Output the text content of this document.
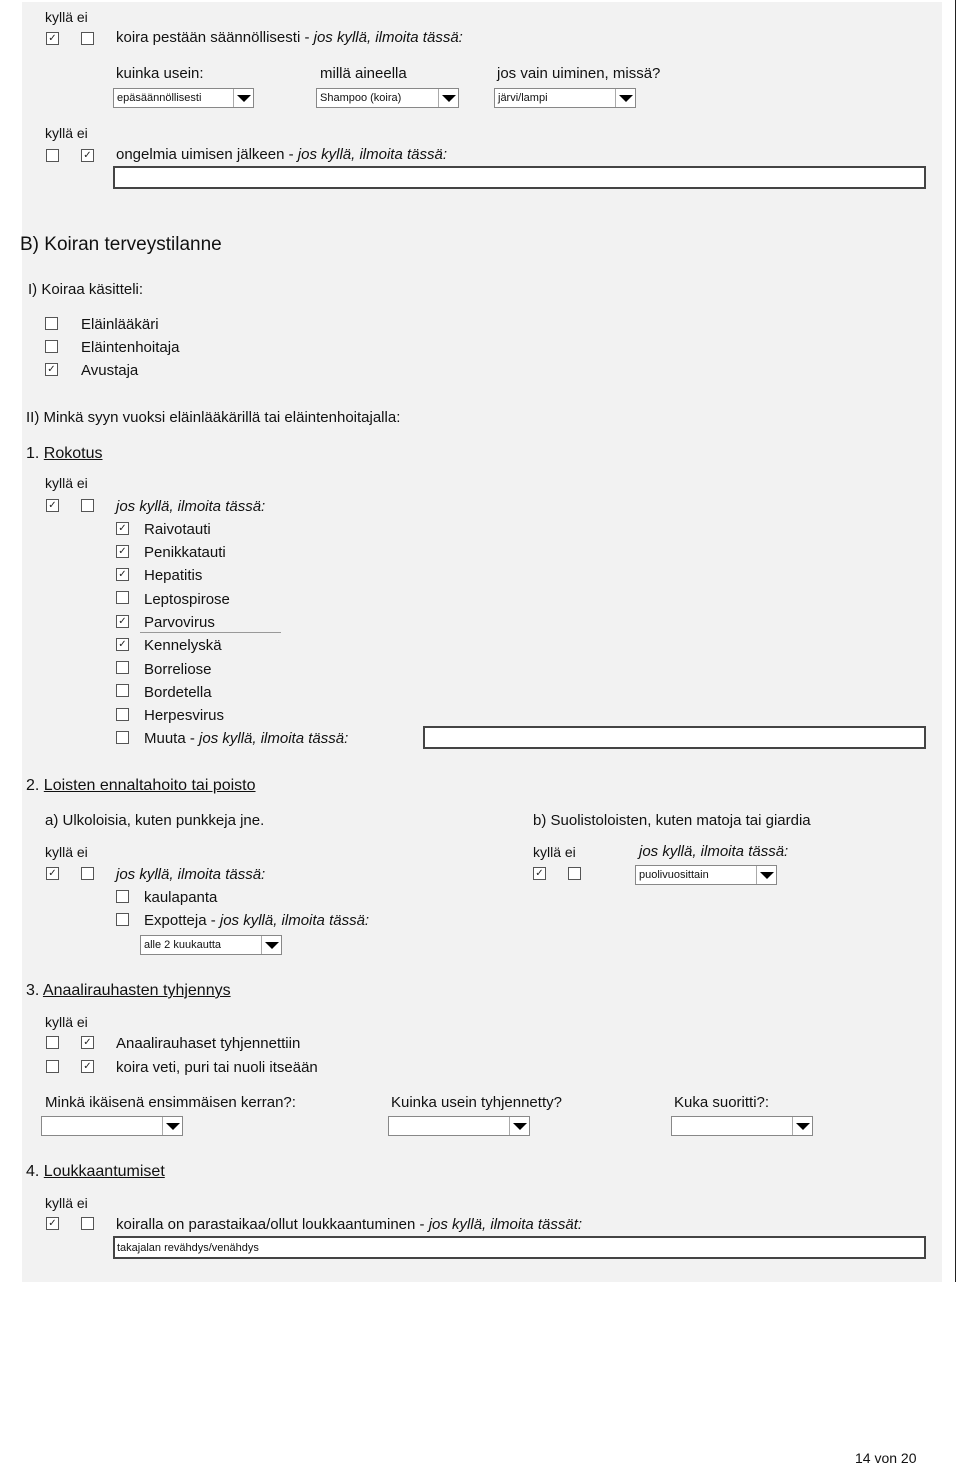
kyllä ei
✓	koira pestään säännöllisesti - jos kyllä, ilmoita tässä:
kuinka usein:	millä aineella	jos vain uiminen, missä?
epäsäännöllisesti	Shampoo (koira)	järvi/lampi
kyllä ei
✓ ongelmia uimisen jälkeen - jos kyllä, ilmoita tässä:
B) Koiran terveystilanne
I) Koiraa käsitteli:
Eläinlääkäri
Eläintenhoitaja
✓ Avustaja
II) Minkä syyn vuoksi eläinlääkärillä tai eläintenhoitajalla:
1. Rokotus
kyllä ei
✓	jos kyllä, ilmoita tässä:
✓ Raivotauti
✓ Penikkatauti
✓ Hepatitis
Leptospirose
✓ Parvovirus
✓ Kennelyskä
Borreliose
Bordetella
Herpesvirus
Muuta - jos kyllä, ilmoita tässä:
2. Loisten ennaltahoito tai poisto
a) Ulkoloisia, kuten punkkeja jne.	b) Suolistoloisten, kuten matoja tai giardia
kyllä ei
✓	jos kyllä, ilmoita tässä:
kaulapanta
Expotteja - jos kyllä, ilmoita tässä:
alle 2 kuukautta
kyllä ei	jos kyllä, ilmoita tässä:
✓	puolivuosittain
3. Anaalirauhasten tyhjennys
kyllä ei
✓ Anaalirauhaset tyhjennettiin
✓ koira veti, puri tai nuoli itseään
Minkä ikäisenä ensimmäisen kerran?:	Kuinka usein tyhjennetty?	Kuka suoritti?:
4. Loukkaantumiset
kyllä ei
✓	koiralla on parastaikaa/ollut loukkaantuminen - jos kyllä, ilmoita tässät:
takajalan revähdys/venähdys
14 von 20
